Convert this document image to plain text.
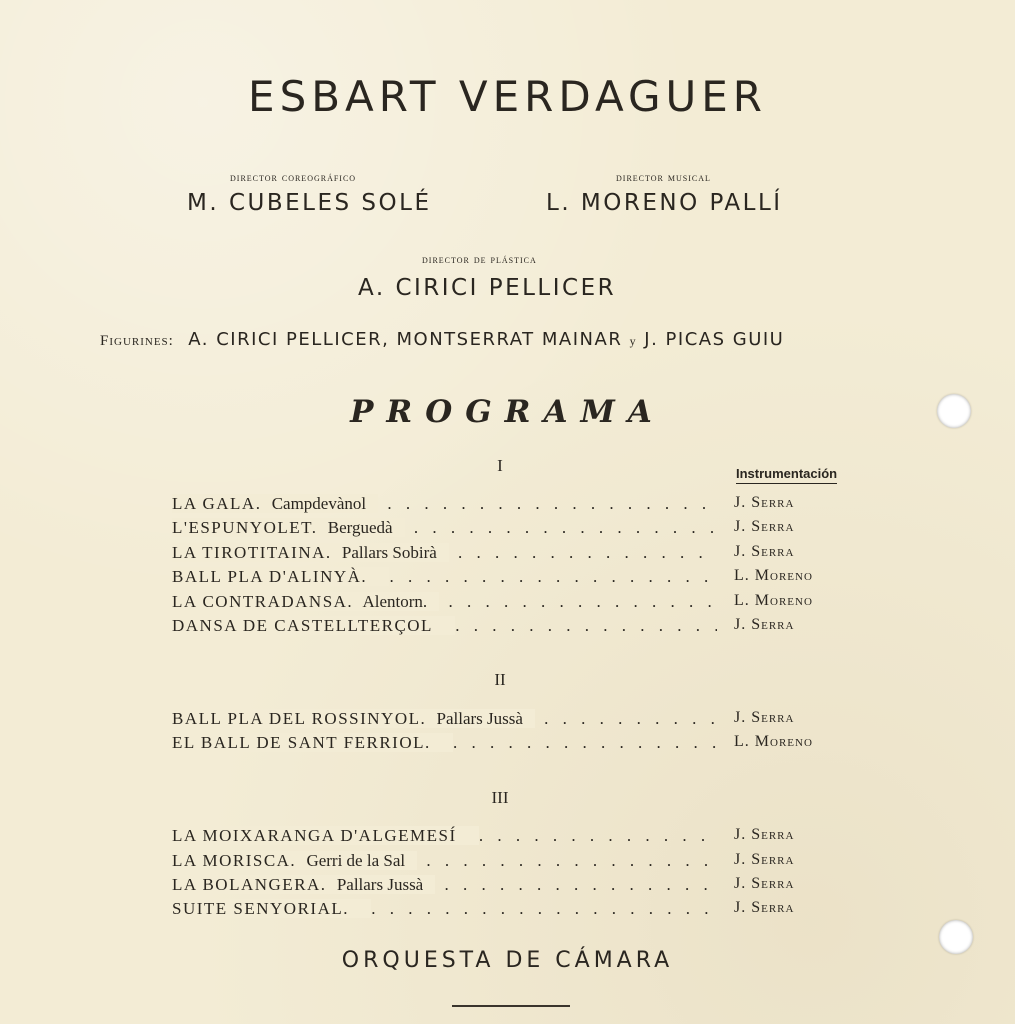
ESBART VERDAGUER
director coreográfico
M. CUBELES SOLÉ
director musical
L. MORENO PALLÍ
director de plástica
A. CIRICI PELLICER
Figurines: A. CIRICI PELLICER, MONTSERRAT MAINAR y J. PICAS GUIU
PROGRAMA
Instrumentación
I
LA GALA. Campdevànol . . .	J. Serra
L'ESPUNYOLET. Berguedà . . .	J. Serra
LA TIROTITAINA. Pallars Sobirà . . .	J. Serra
BALL PLA D'ALINYÀ. . . .	L. Moreno
LA CONTRADANSA. Alentorn. . . .	L. Moreno
DANSA DE CASTELLTERÇOL . . .	J. Serra
II
BALL PLA DEL ROSSINYOL. Pallars Jussà . . .	J. Serra
EL BALL DE SANT FERRIOL. . . .	L. Moreno
III
LA MOIXARANGA D'ALGEMESÍ . . .	J. Serra
LA MORISCA. Gerri de la Sal . . .	J. Serra
LA BOLANGERA. Pallars Jussà . . .	J. Serra
SUITE SENYORIAL. . . .	J. Serra
ORQUESTA DE CÁMARA
